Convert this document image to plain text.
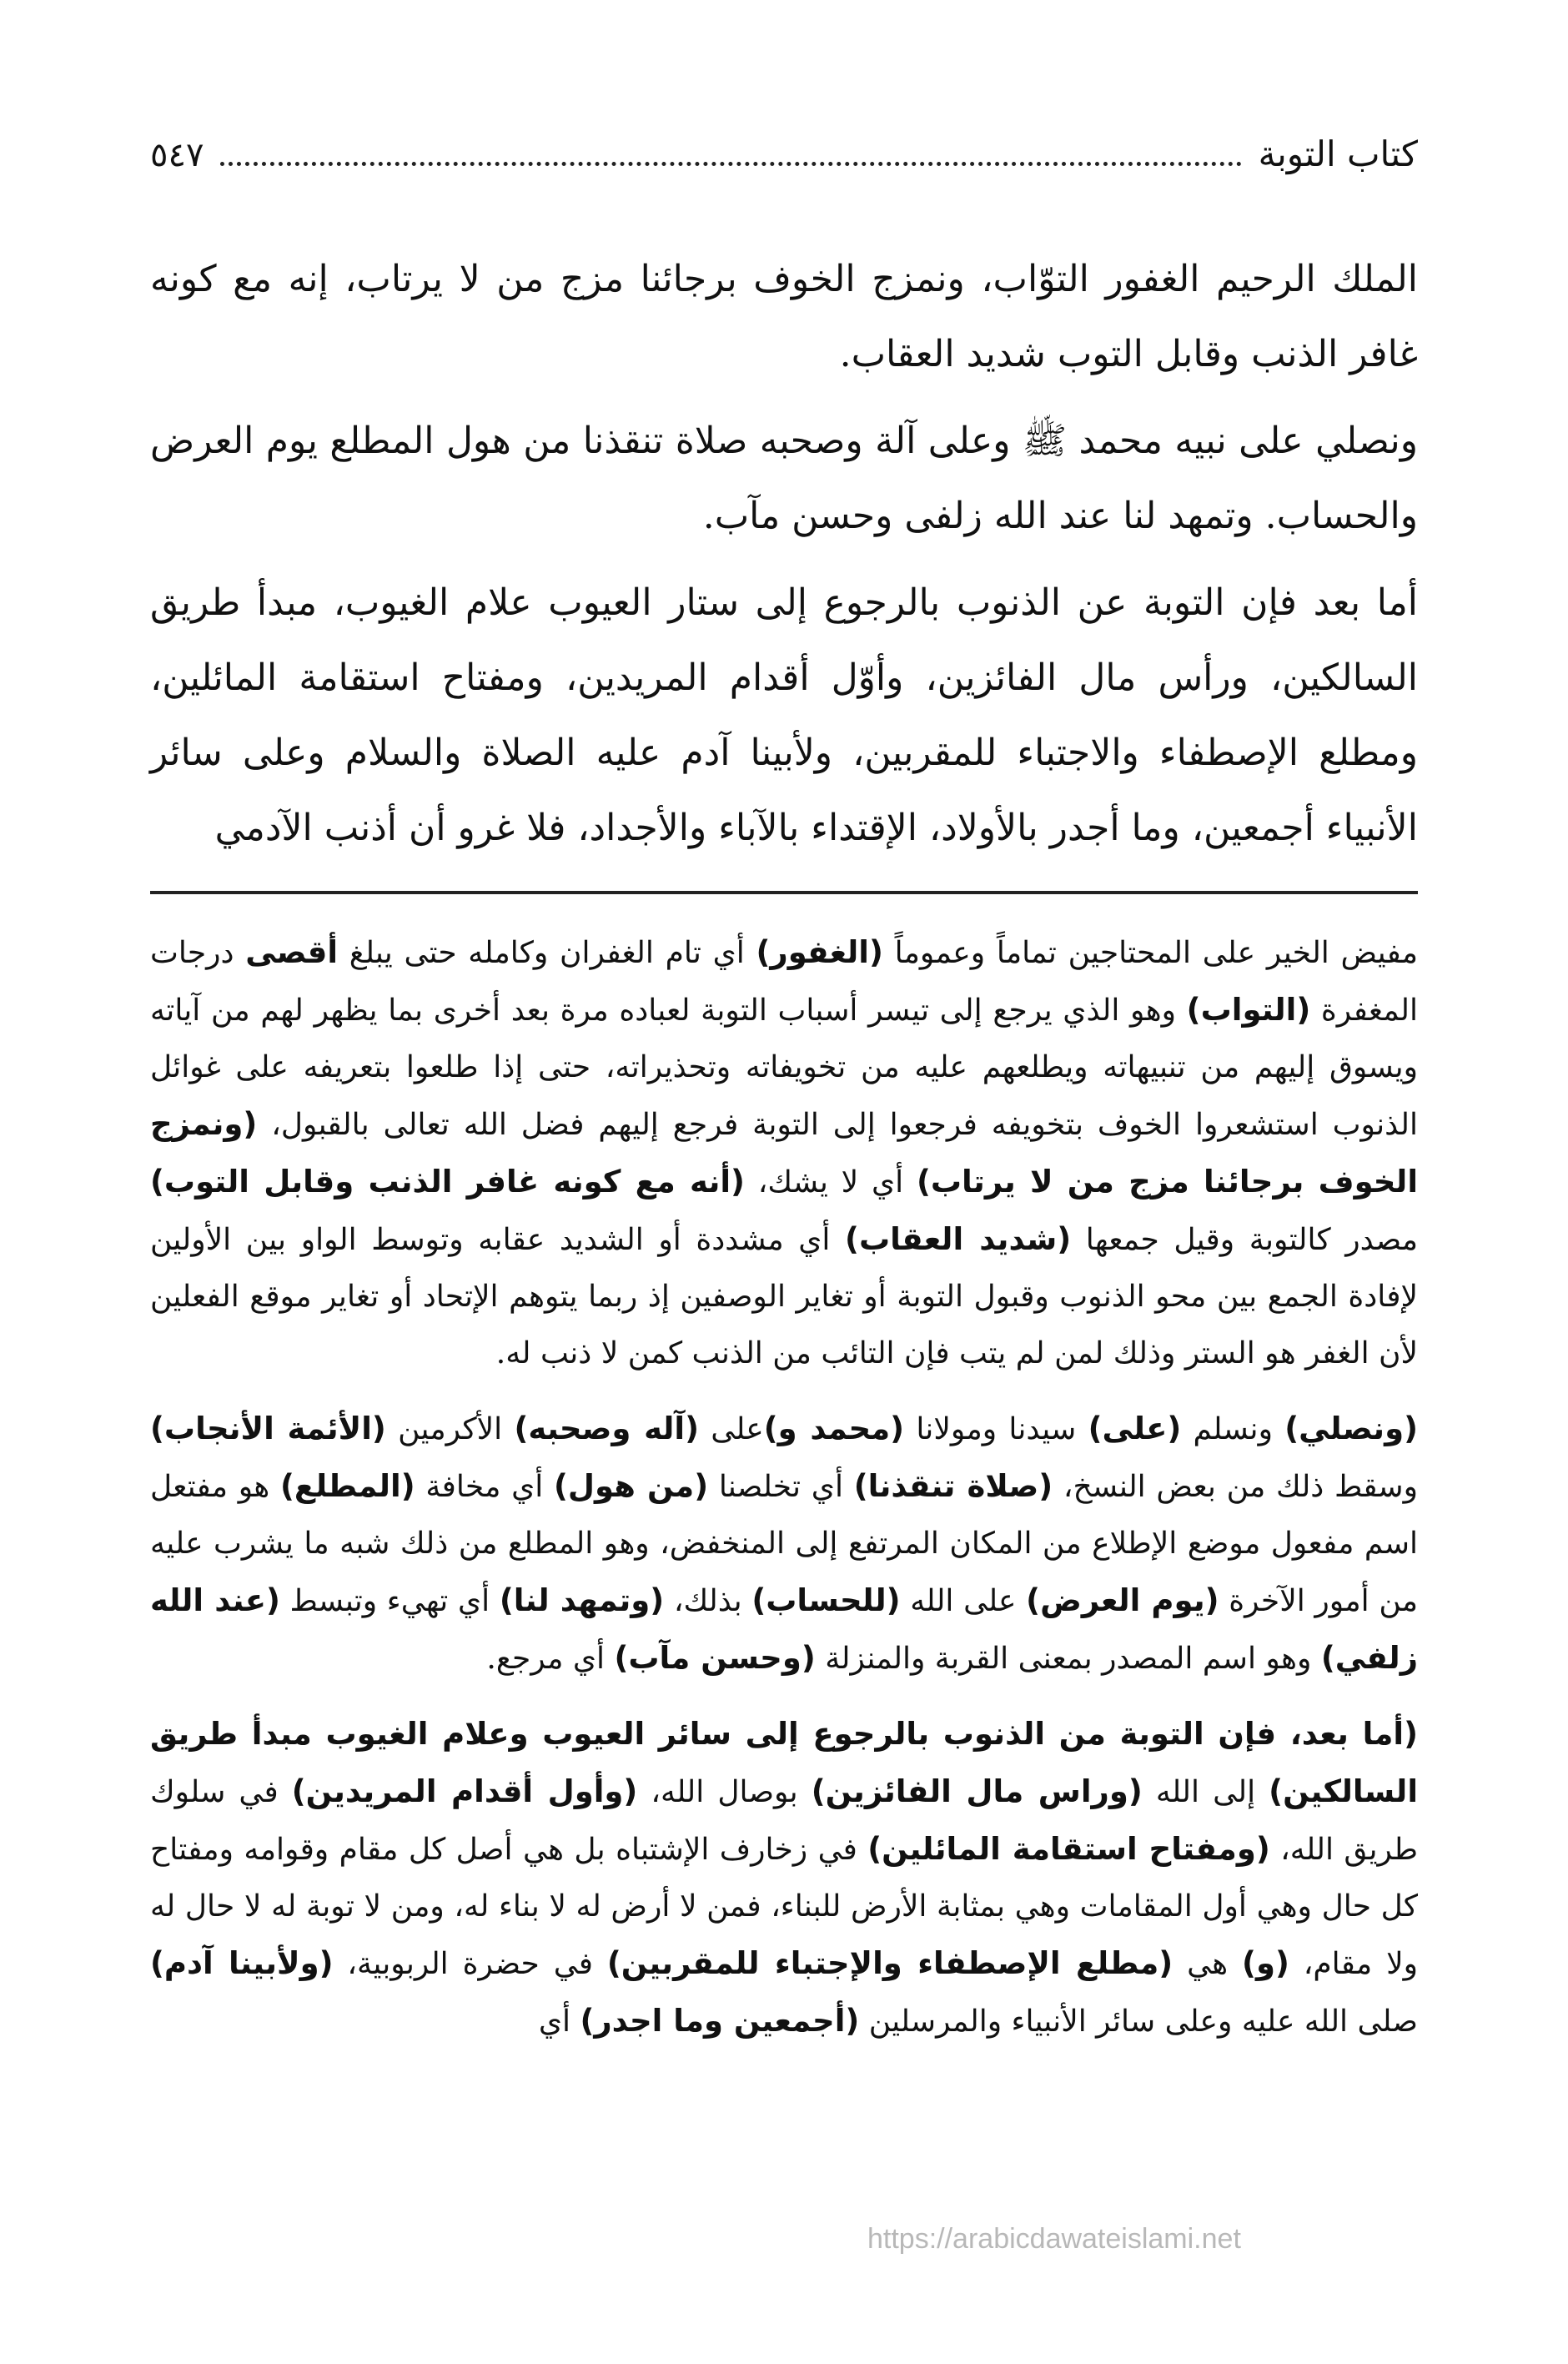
كتاب التوبة
٥٤٧

الملك الرحيم الغفور التوّاب، ونمزج الخوف برجائنا مزج من لا يرتاب، إنه مع كونه غافر الذنب وقابل التوب شديد العقاب.

ونصلي على نبيه محمد ﷺ وعلى آلة وصحبه صلاة تنقذنا من هول المطلع يوم العرض والحساب. وتمهد لنا عند الله زلفى وحسن مآب.

أما بعد فإن التوبة عن الذنوب بالرجوع إلى ستار العيوب علام الغيوب، مبدأ طريق السالكين، ورأس مال الفائزين، وأوّل أقدام المريدين، ومفتاح استقامة المائلين، ومطلع الإصطفاء والاجتباء للمقربين، ولأبينا آدم عليه الصلاة والسلام وعلى سائر الأنبياء أجمعين، وما أجدر بالأولاد، الإقتداء بالآباء والأجداد، فلا غرو أن أذنب الآدمي

مفيض الخير على المحتاجين تماماً وعموماً (الغفور) أي تام الغفران وكامله حتى يبلغ أقصى درجات المغفرة (التواب) وهو الذي يرجع إلى تيسر أسباب التوبة لعباده مرة بعد أخرى بما يظهر لهم من آياته ويسوق إليهم من تنبيهاته ويطلعهم عليه من تخويفاته وتحذيراته، حتى إذا طلعوا بتعريفه على غوائل الذنوب استشعروا الخوف بتخويفه فرجعوا إلى التوبة فرجع إليهم فضل الله تعالى بالقبول، (ونمزج الخوف برجائنا مزج من لا يرتاب) أي لا يشك، (أنه مع كونه غافر الذنب وقابل التوب) مصدر كالتوبة وقيل جمعها (شديد العقاب) أي مشددة أو الشديد عقابه وتوسط الواو بين الأولين لإفادة الجمع بين محو الذنوب وقبول التوبة أو تغاير الوصفين إذ ربما يتوهم الإتحاد أو تغاير موقع الفعلين لأن الغفر هو الستر وذلك لمن لم يتب فإن التائب من الذنب كمن لا ذنب له.

(ونصلي) ونسلم (على) سيدنا ومولانا (محمد و)على (آله وصحبه) الأكرمين (الأئمة الأنجاب) وسقط ذلك من بعض النسخ، (صلاة تنقذنا) أي تخلصنا (من هول) أي مخافة (المطلع) هو مفتعل اسم مفعول موضع الإطلاع من المكان المرتفع إلى المنخفض، وهو المطلع من ذلك شبه ما يشرب عليه من أمور الآخرة (يوم العرض) على الله (للحساب) بذلك، (وتمهد لنا) أي تهيء وتبسط (عند الله زلفي) وهو اسم المصدر بمعنى القربة والمنزلة (وحسن مآب) أي مرجع.

(أما بعد، فإن التوبة من الذنوب بالرجوع إلى سائر العيوب وعلام الغيوب مبدأ طريق السالكين) إلى الله (وراس مال الفائزين) بوصال الله، (وأول أقدام المريدين) في سلوك طريق الله، (ومفتاح استقامة المائلين) في زخارف الإشتباه بل هي أصل كل مقام وقوامه ومفتاح كل حال وهي أول المقامات وهي بمثابة الأرض للبناء، فمن لا أرض له لا بناء له، ومن لا توبة له لا حال له ولا مقام، (و) هي (مطلع الإصطفاء والإجتباء للمقربين) في حضرة الربوبية، (ولأبينا آدم) صلى الله عليه وعلى سائر الأنبياء والمرسلين (أجمعين وما اجدر) أي

https://arabicdawateislami.net
